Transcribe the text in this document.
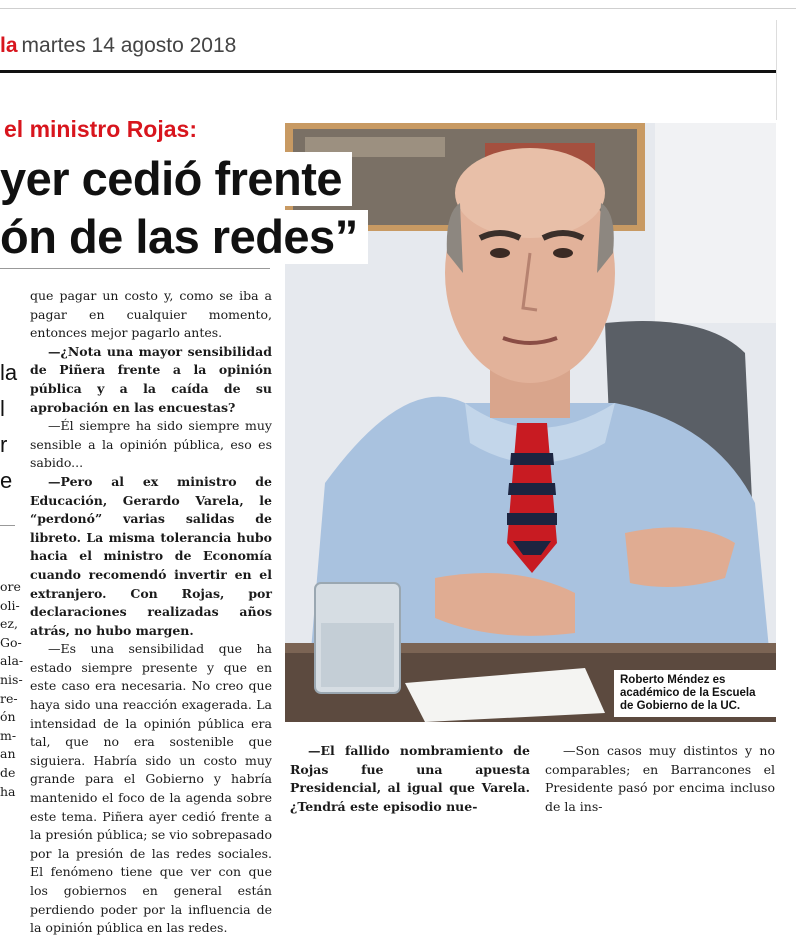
la martes 14 agosto 2018
el ministro Rojas:
Roberto Méndez es académico de la Escuela de Gobierno de la UC.
yer cedió frente
ón de las redes”
la
l
r
e
ore
oli-
ez,
Go-
ala-
nis-
re-
ón
m-
an
de
ha

que pagar un costo y, como se iba a pagar en cualquier momento, entonces mejor pagarlo antes.

—¿Nota una mayor sensibilidad de Piñera frente a la opinión pública y a la caída de su aprobación en las encuestas?

—Él siempre ha sido siempre muy sensible a la opinión pública, eso es sabido...

—Pero al ex ministro de Educación, Gerardo Varela, le “perdonó” varias salidas de libreto. La misma tolerancia hubo hacia el ministro de Economía cuando recomendó invertir en el extranjero. Con Rojas, por declaraciones realizadas años atrás, no hubo margen.

—Es una sensibilidad que ha estado siempre presente y que en este caso era necesaria. No creo que haya sido una reacción exagerada. La intensidad de la opinión pública era tal, que no era sostenible que siguiera. Habría sido un costo muy grande para el Gobierno y habría mantenido el foco de la agenda sobre este tema. Piñera ayer cedió frente a la presión pública; se vio sobrepasado por la presión de las redes sociales. El fenómeno tiene que ver con que los gobiernos en general están perdiendo poder por la influencia de la opinión pública en las redes.

—El fallido nombramiento de Rojas fue una apuesta Presidencial, al igual que Varela. ¿Tendrá este episodio nue-

—Son casos muy distintos y no comparables; en Barrancones el Presidente pasó por encima incluso de la ins-
